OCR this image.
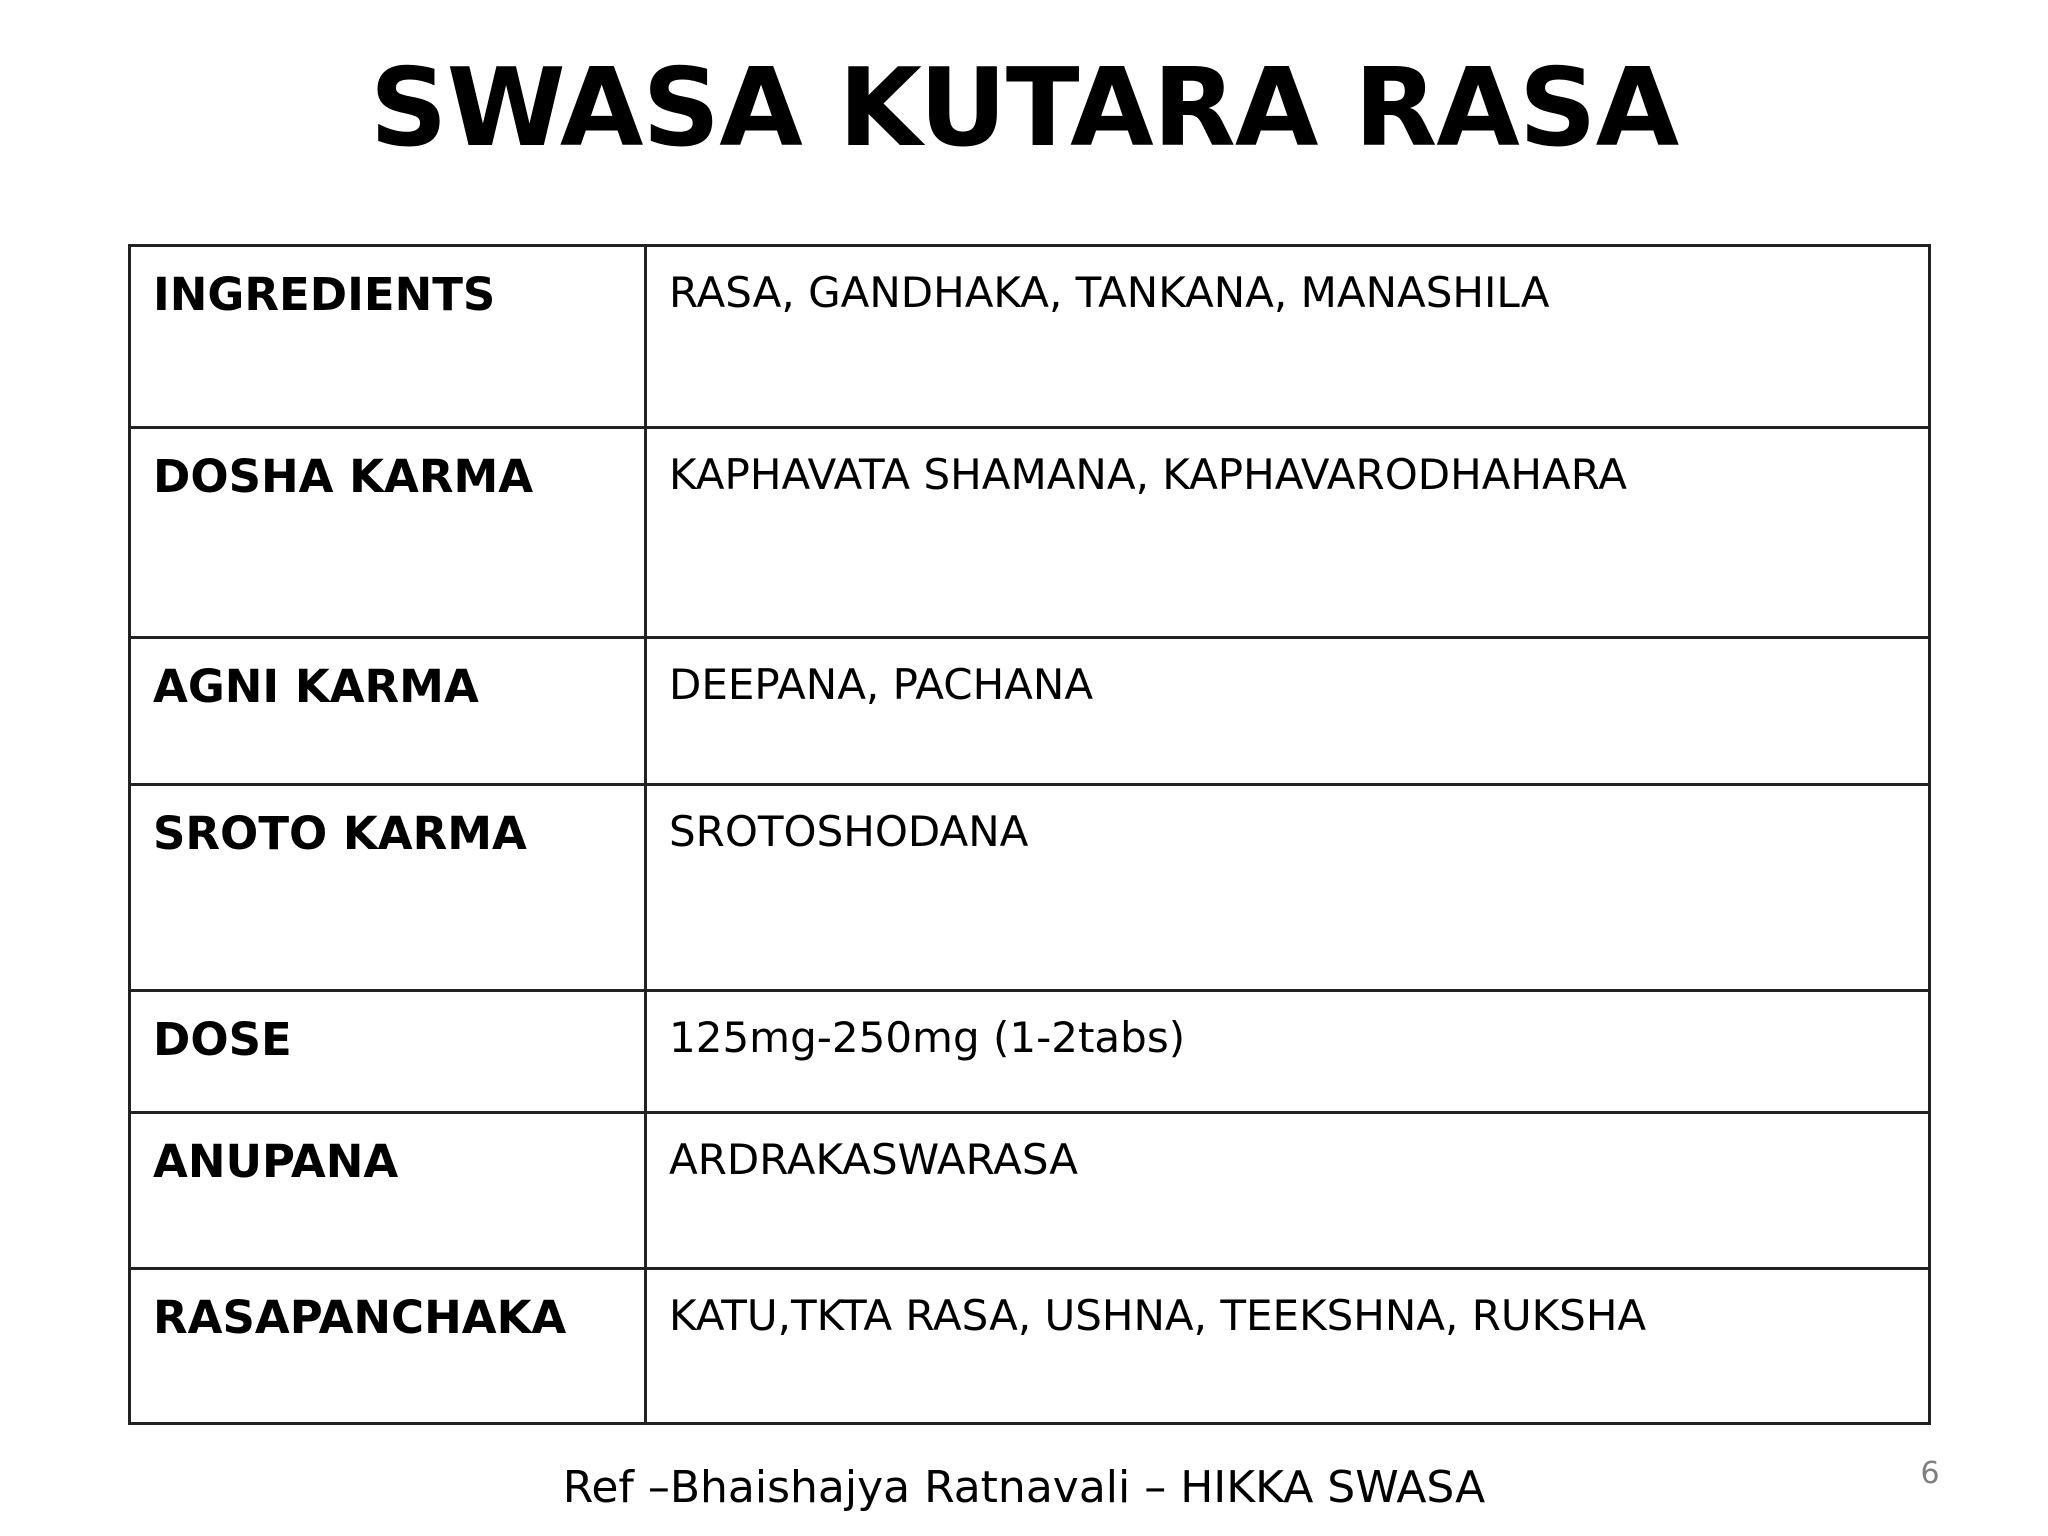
SWASA KUTARA RASA
INGREDIENTS	RASA, GANDHAKA, TANKANA, MANASHILA
DOSHA KARMA	KAPHAVATA SHAMANA, KAPHAVARODHAHARA
AGNI KARMA	DEEPANA, PACHANA
SROTO KARMA	SROTOSHODANA
DOSE	125mg-250mg (1-2tabs)
ANUPANA	ARDRAKASWARASA
RASAPANCHAKA	KATU,TKTA RASA, USHNA, TEEKSHNA, RUKSHA
Ref –Bhaishajya Ratnavali – HIKKA SWASA	6
